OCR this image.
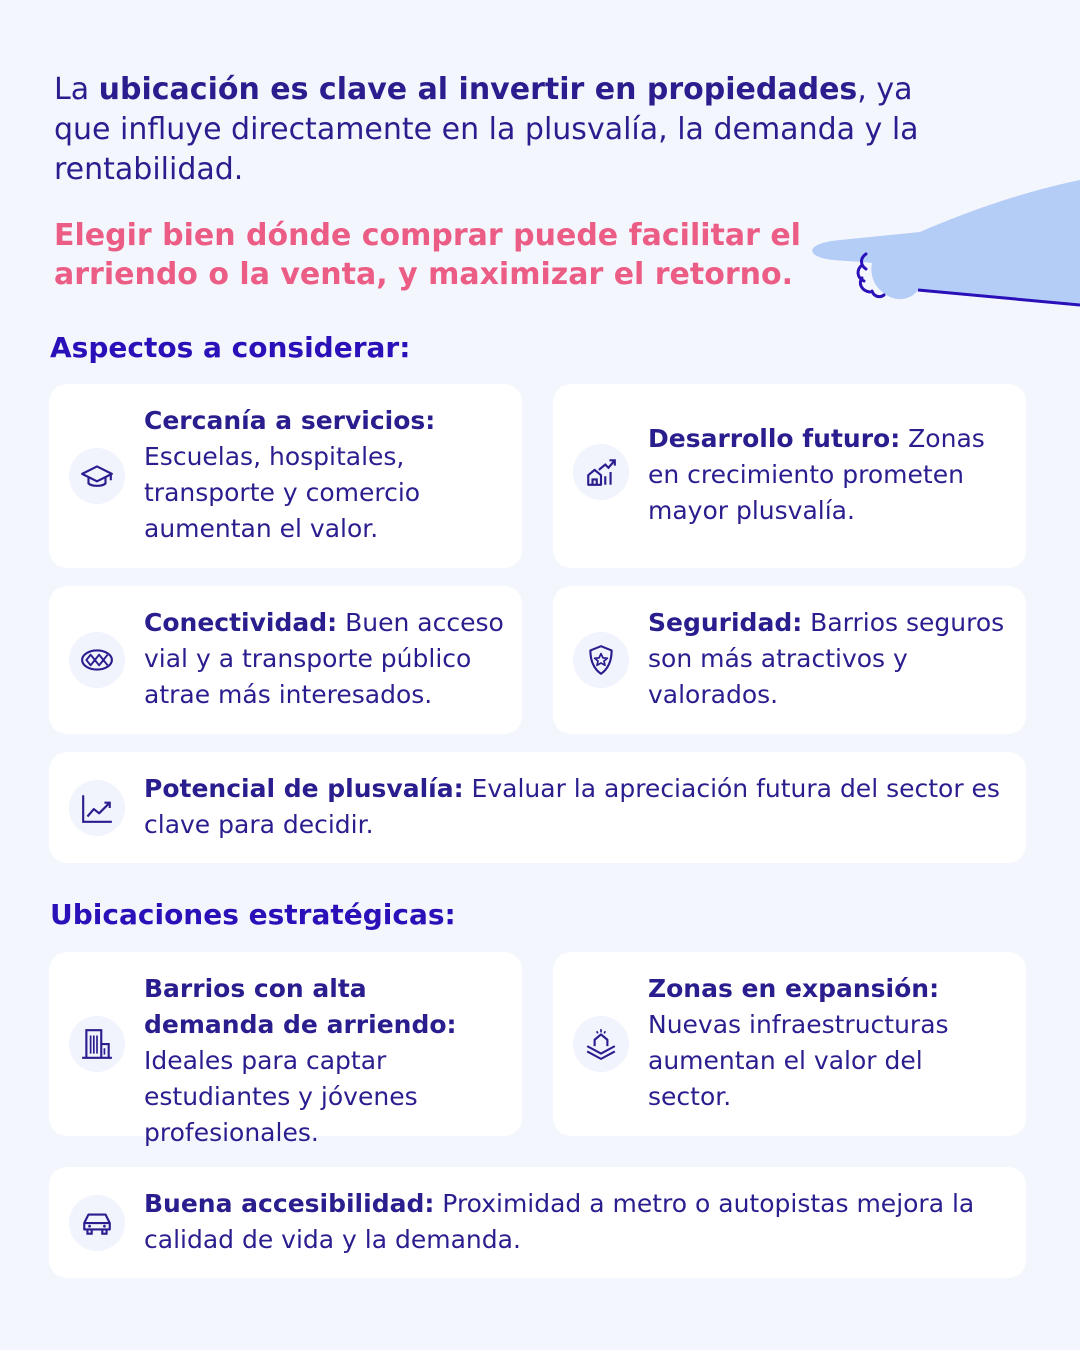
La ubicación es clave al invertir en propiedades, ya que influye directamente en la plusvalía, la demanda y la rentabilidad.
Elegir bien dónde comprar puede facilitar el arriendo o la venta, y maximizar el retorno.
Aspectos a considerar:
Cercanía a servicios: Escuelas, hospitales, transporte y comercio aumentan el valor.
Desarrollo futuro: Zonas en crecimiento prometen mayor plusvalía.
Conectividad: Buen acceso vial y a transporte público atrae más interesados.
Seguridad: Barrios seguros son más atractivos y valorados.
Potencial de plusvalía: Evaluar la apreciación futura del sector es clave para decidir.
Ubicaciones estratégicas:
Barrios con alta demanda de arriendo: Ideales para captar estudiantes y jóvenes profesionales.
Zonas en expansión: Nuevas infraestructuras aumentan el valor del sector.
Buena accesibilidad: Proximidad a metro o autopistas mejora la calidad de vida y la demanda.
